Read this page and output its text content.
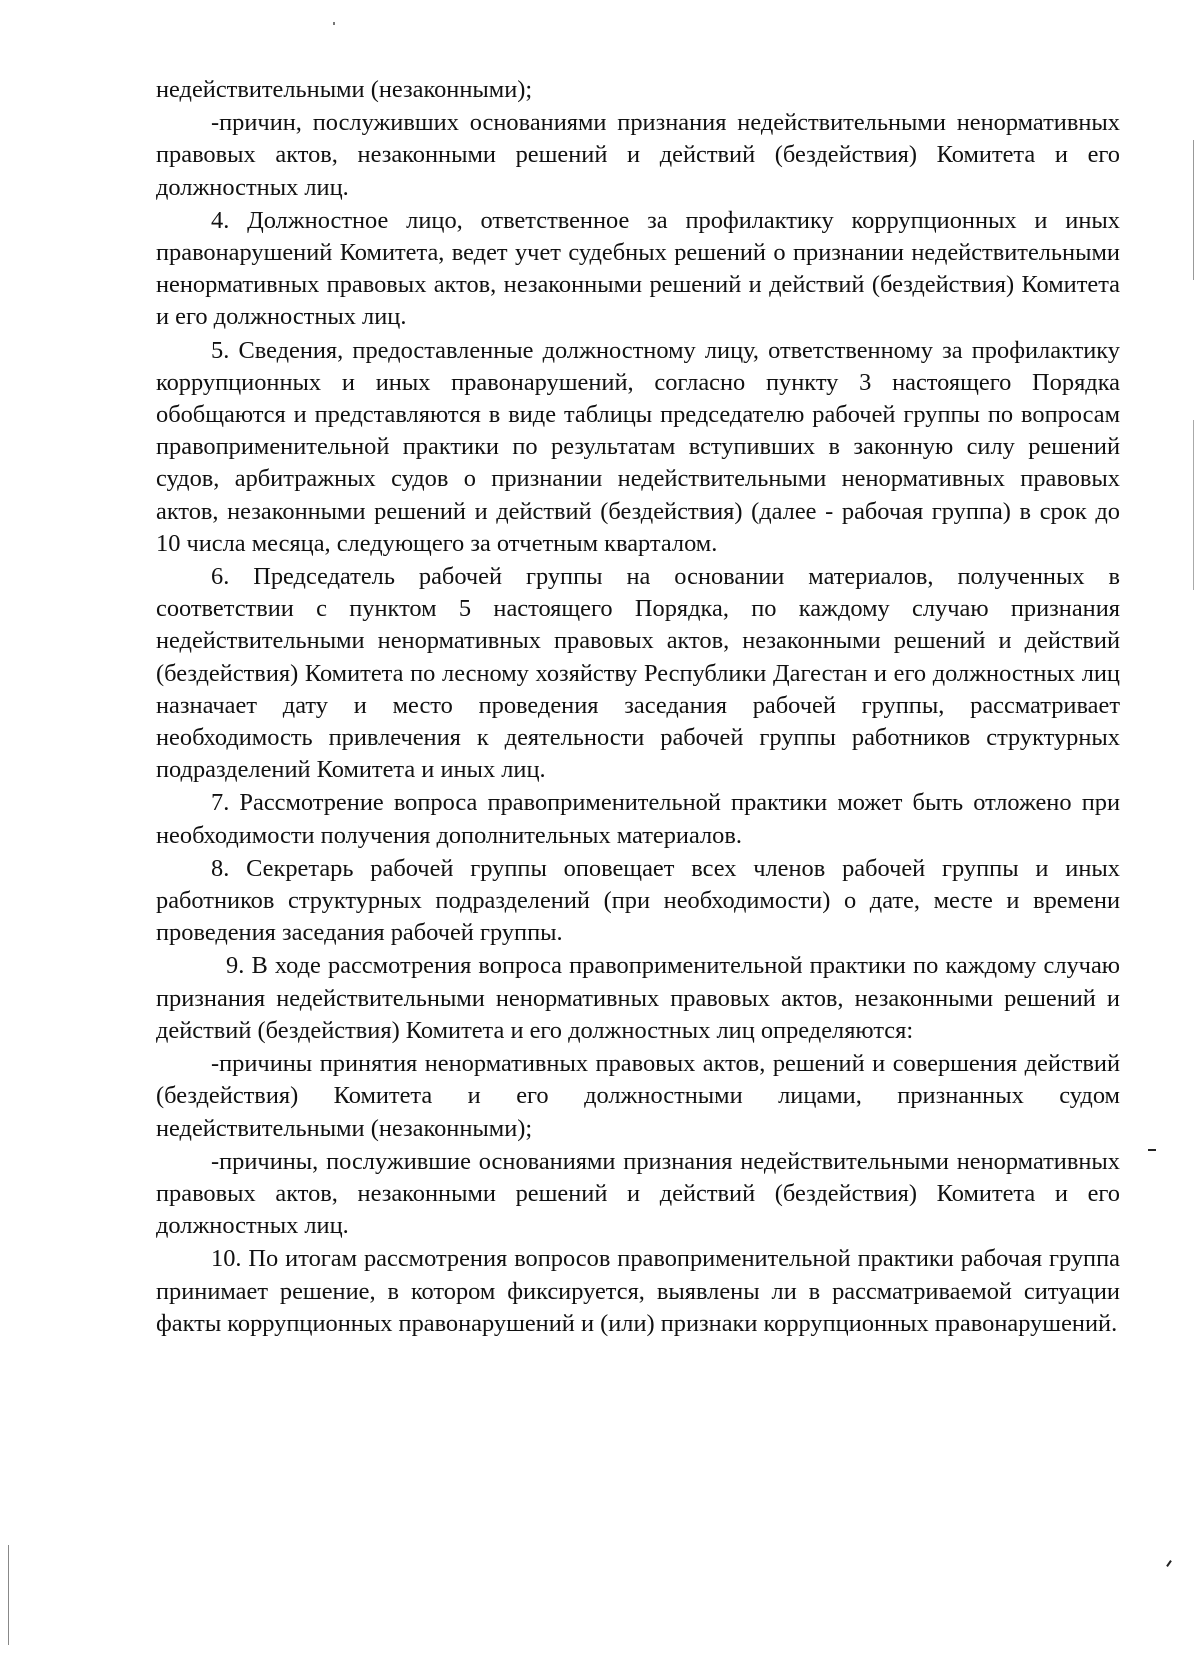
недействительными (незаконными);

-причин, послуживших основаниями признания недействительными ненормативных правовых актов, незаконными решений и действий (бездействия) Комитета и его должностных лиц.

4. Должностное лицо, ответственное за профилактику коррупционных и иных правонарушений Комитета, ведет учет судебных решений о признании недействительными ненормативных правовых актов, незаконными решений и действий (бездействия) Комитета и его должностных лиц.

5. Сведения, предоставленные должностному лицу, ответственному за профилактику коррупционных и иных правонарушений, согласно пункту 3 настоящего Порядка обобщаются и представляются в виде таблицы председателю рабочей группы по вопросам правоприменительной практики по результатам вступивших в законную силу решений судов, арбитражных судов о признании недействительными ненормативных правовых актов, незаконными решений и действий (бездействия) (далее - рабочая группа) в срок до 10 числа месяца, следующего за отчетным кварталом.

6. Председатель рабочей группы на основании материалов, полученных в соответствии с пунктом 5 настоящего Порядка, по каждому случаю признания недействительными ненормативных правовых актов, незаконными решений и действий (бездействия) Комитета по лесному хозяйству Республики Дагестан и его должностных лиц назначает дату и место проведения заседания рабочей группы, рассматривает необходимость привлечения к деятельности рабочей группы работников структурных подразделений Комитета и иных лиц.

7. Рассмотрение вопроса правоприменительной практики может быть отложено при необходимости получения дополнительных материалов.

8. Секретарь рабочей группы оповещает всех членов рабочей группы и иных работников структурных подразделений (при необходимости) о дате, месте и времени проведения заседания рабочей группы.

9. В ходе рассмотрения вопроса правоприменительной практики по каждому случаю признания недействительными ненормативных правовых актов, незаконными решений и действий (бездействия) Комитета и его должностных лиц определяются:

-причины принятия ненормативных правовых актов, решений и совершения действий (бездействия) Комитета и его должностными лицами, признанных судом недействительными (незаконными);

-причины, послужившие основаниями признания недействительными ненормативных правовых актов, незаконными решений и действий (бездействия) Комитета и его должностных лиц.

10. По итогам рассмотрения вопросов правоприменительной практики рабочая группа принимает решение, в котором фиксируется, выявлены ли в рассматриваемой ситуации факты коррупционных правонарушений и (или) признаки коррупционных правонарушений.
